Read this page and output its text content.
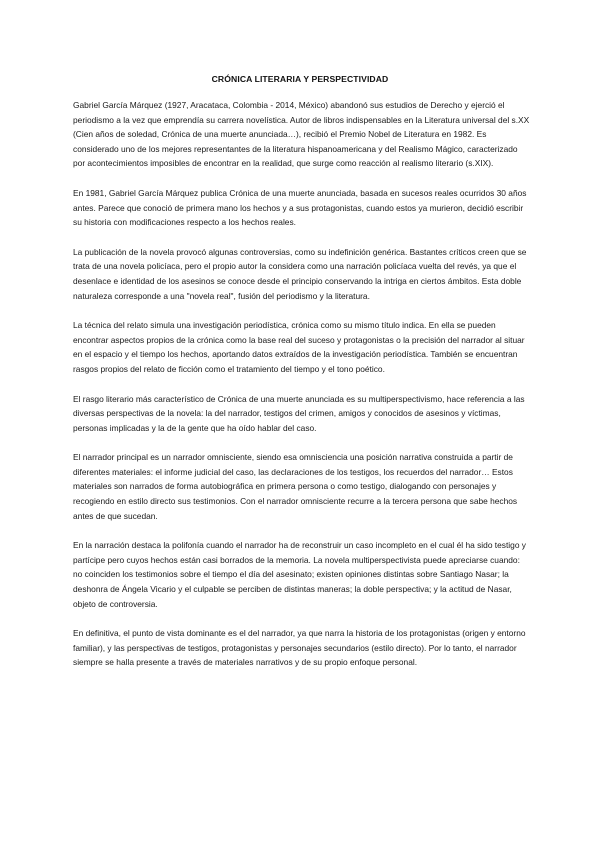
CRÓNICA LITERARIA Y PERSPECTIVIDAD

Gabriel García Márquez (1927, Aracataca, Colombia - 2014, México) abandonó sus estudios de Derecho y ejerció el periodismo a la vez que emprendía su carrera novelística. Autor de libros indispensables en la Literatura universal del s.XX (Cien años de soledad, Crónica de una muerte anunciada…), recibió el Premio Nobel de Literatura en 1982. Es considerado uno de los mejores representantes de la literatura hispanoamericana y del Realismo Mágico, caracterizado por acontecimientos imposibles de encontrar en la realidad, que surge como reacción al realismo literario (s.XIX).

En 1981, Gabriel García Márquez publica Crónica de una muerte anunciada, basada en sucesos reales ocurridos 30 años antes. Parece que conoció de primera mano los hechos y a sus protagonistas, cuando estos ya murieron, decidió escribir su historia con modificaciones respecto a los hechos reales.

La publicación de la novela provocó algunas controversias, como su indefinición genérica. Bastantes críticos creen que se trata de una novela policíaca, pero el propio autor la considera como una narración policíaca vuelta del revés, ya que el desenlace e identidad de los asesinos se conoce desde el principio conservando la intriga en ciertos ámbitos. Esta doble naturaleza corresponde a una "novela real", fusión del periodismo y la literatura.

La técnica del relato simula una investigación periodística, crónica como su mismo título indica. En ella se pueden encontrar aspectos propios de la crónica como la base real del suceso y protagonistas o la precisión del narrador al situar en el espacio y el tiempo los hechos, aportando datos extraídos de la investigación periodística. También se encuentran rasgos propios del relato de ficción como el tratamiento del tiempo y el tono poético.

El rasgo literario más característico de Crónica de una muerte anunciada es su multiperspectivismo, hace referencia a las diversas perspectivas de la novela: la del narrador, testigos del crimen, amigos y conocidos de asesinos y víctimas, personas implicadas y la de la gente que ha oído hablar del caso.

El narrador principal es un narrador omnisciente, siendo esa omnisciencia una posición narrativa construida a partir de diferentes materiales: el informe judicial del caso, las declaraciones de los testigos, los recuerdos del narrador… Estos materiales son narrados de forma autobiográfica en primera persona o como testigo, dialogando con personajes y recogiendo en estilo directo sus testimonios. Con el narrador omnisciente recurre a la tercera persona que sabe hechos antes de que sucedan.

En la narración destaca la polifonía cuando el narrador ha de reconstruir un caso incompleto en el cual él ha sido testigo y partícipe pero cuyos hechos están casi borrados de la memoria. La novela multiperspectivista puede apreciarse cuando: no coinciden los testimonios sobre el tiempo el día del asesinato; existen opiniones distintas sobre Santiago Nasar; la deshonra de Ángela Vicario y el culpable se perciben de distintas maneras; la doble perspectiva; y la actitud de Nasar, objeto de controversia.

En definitiva, el punto de vista dominante es el del narrador, ya que narra la historia de los protagonistas (origen y entorno familiar), y las perspectivas de testigos, protagonistas y personajes secundarios (estilo directo). Por lo tanto, el narrador siempre se halla presente a través de materiales narrativos y de su propio enfoque personal.
